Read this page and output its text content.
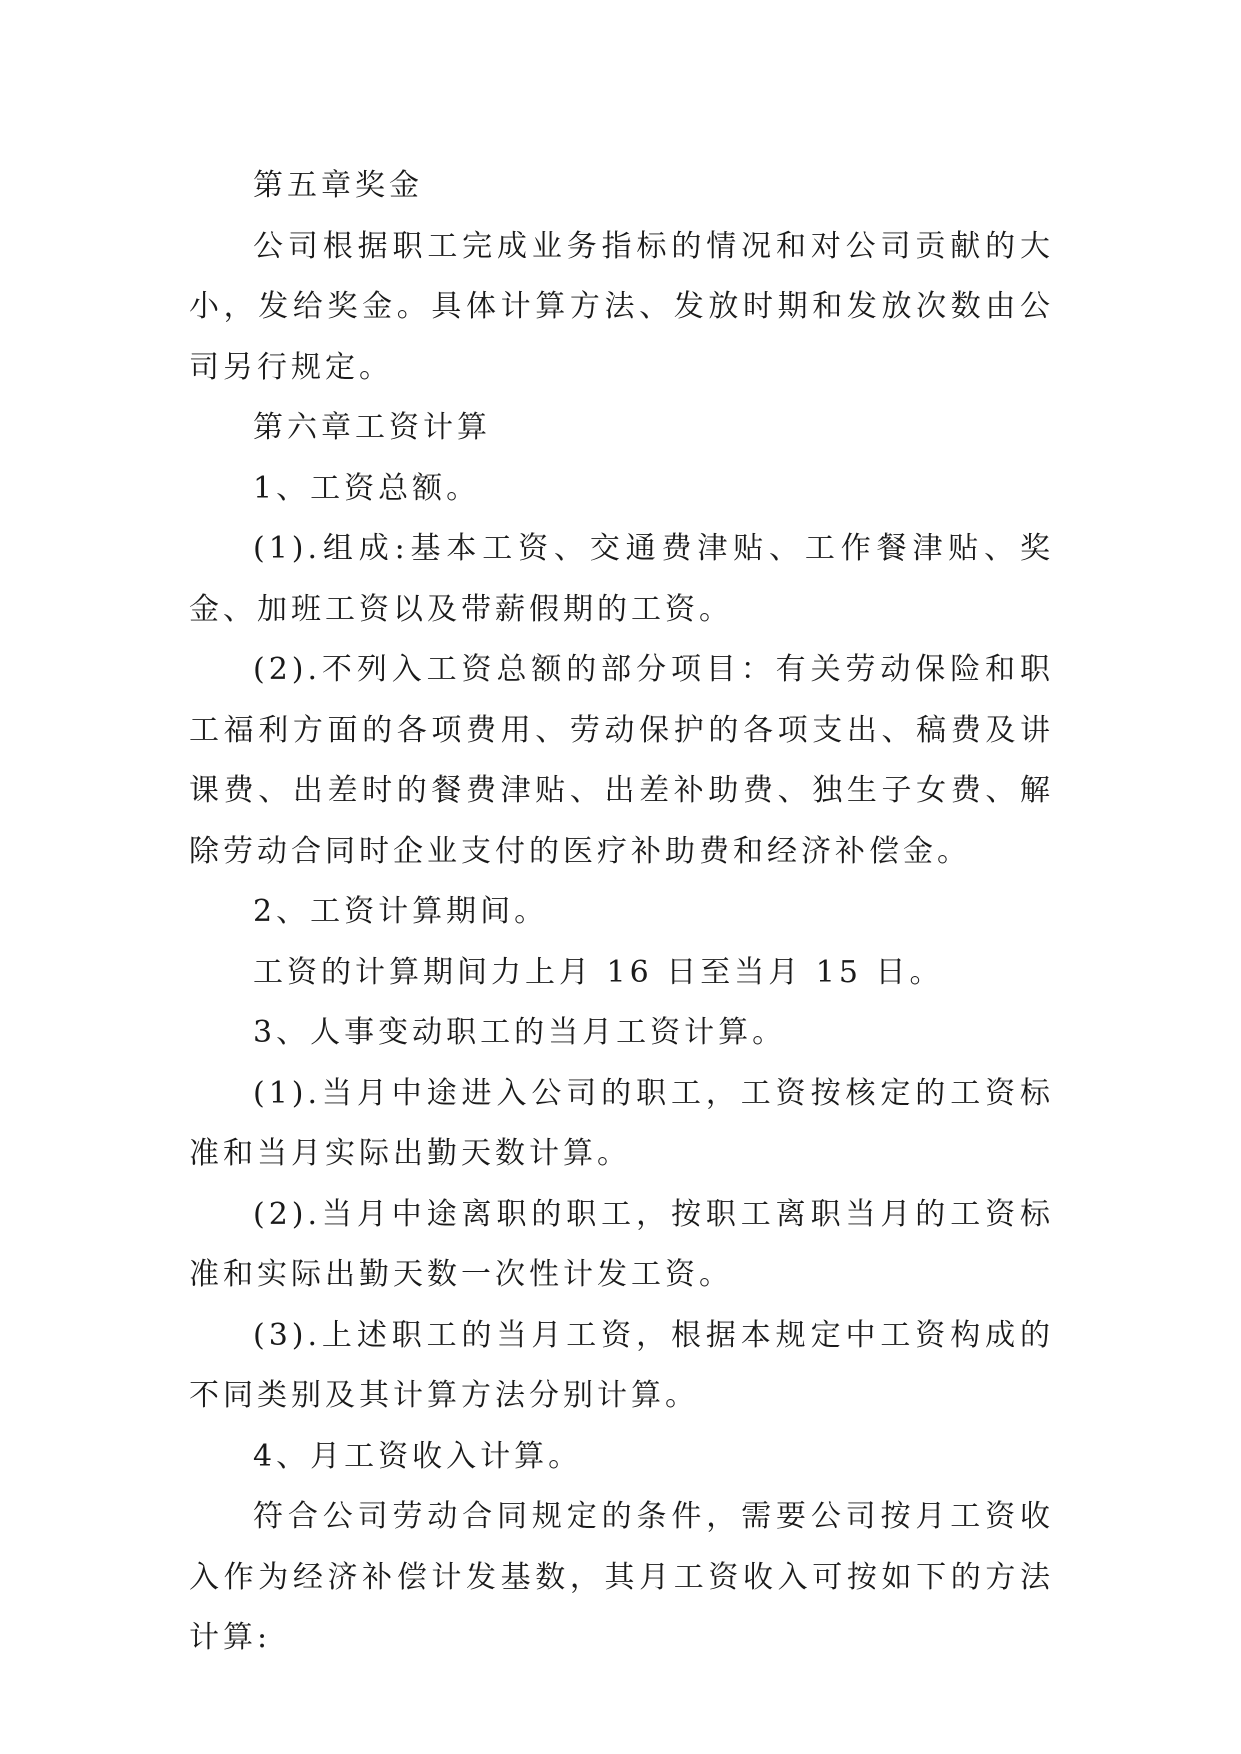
第五章奖金

公司根据职工完成业务指标的情况和对公司贡献的大小，发给奖金。具体计算方法、发放时期和发放次数由公司另行规定。

第六章工资计算

1、工资总额。

(1).组成:基本工资、交通费津贴、工作餐津贴、奖金、加班工资以及带薪假期的工资。

(2).不列入工资总额的部分项目：有关劳动保险和职工福利方面的各项费用、劳动保护的各项支出、稿费及讲课费、出差时的餐费津贴、出差补助费、独生子女费、解除劳动合同时企业支付的医疗补助费和经济补偿金。

2、工资计算期间。

工资的计算期间力上月 16 日至当月 15 日。

3、人事变动职工的当月工资计算。

(1).当月中途进入公司的职工，工资按核定的工资标准和当月实际出勤天数计算。

(2).当月中途离职的职工，按职工离职当月的工资标准和实际出勤天数一次性计发工资。

(3).上述职工的当月工资，根据本规定中工资构成的不同类别及其计算方法分别计算。

4、月工资收入计算。

符合公司劳动合同规定的条件，需要公司按月工资收入作为经济补偿计发基数，其月工资收入可按如下的方法计算:
